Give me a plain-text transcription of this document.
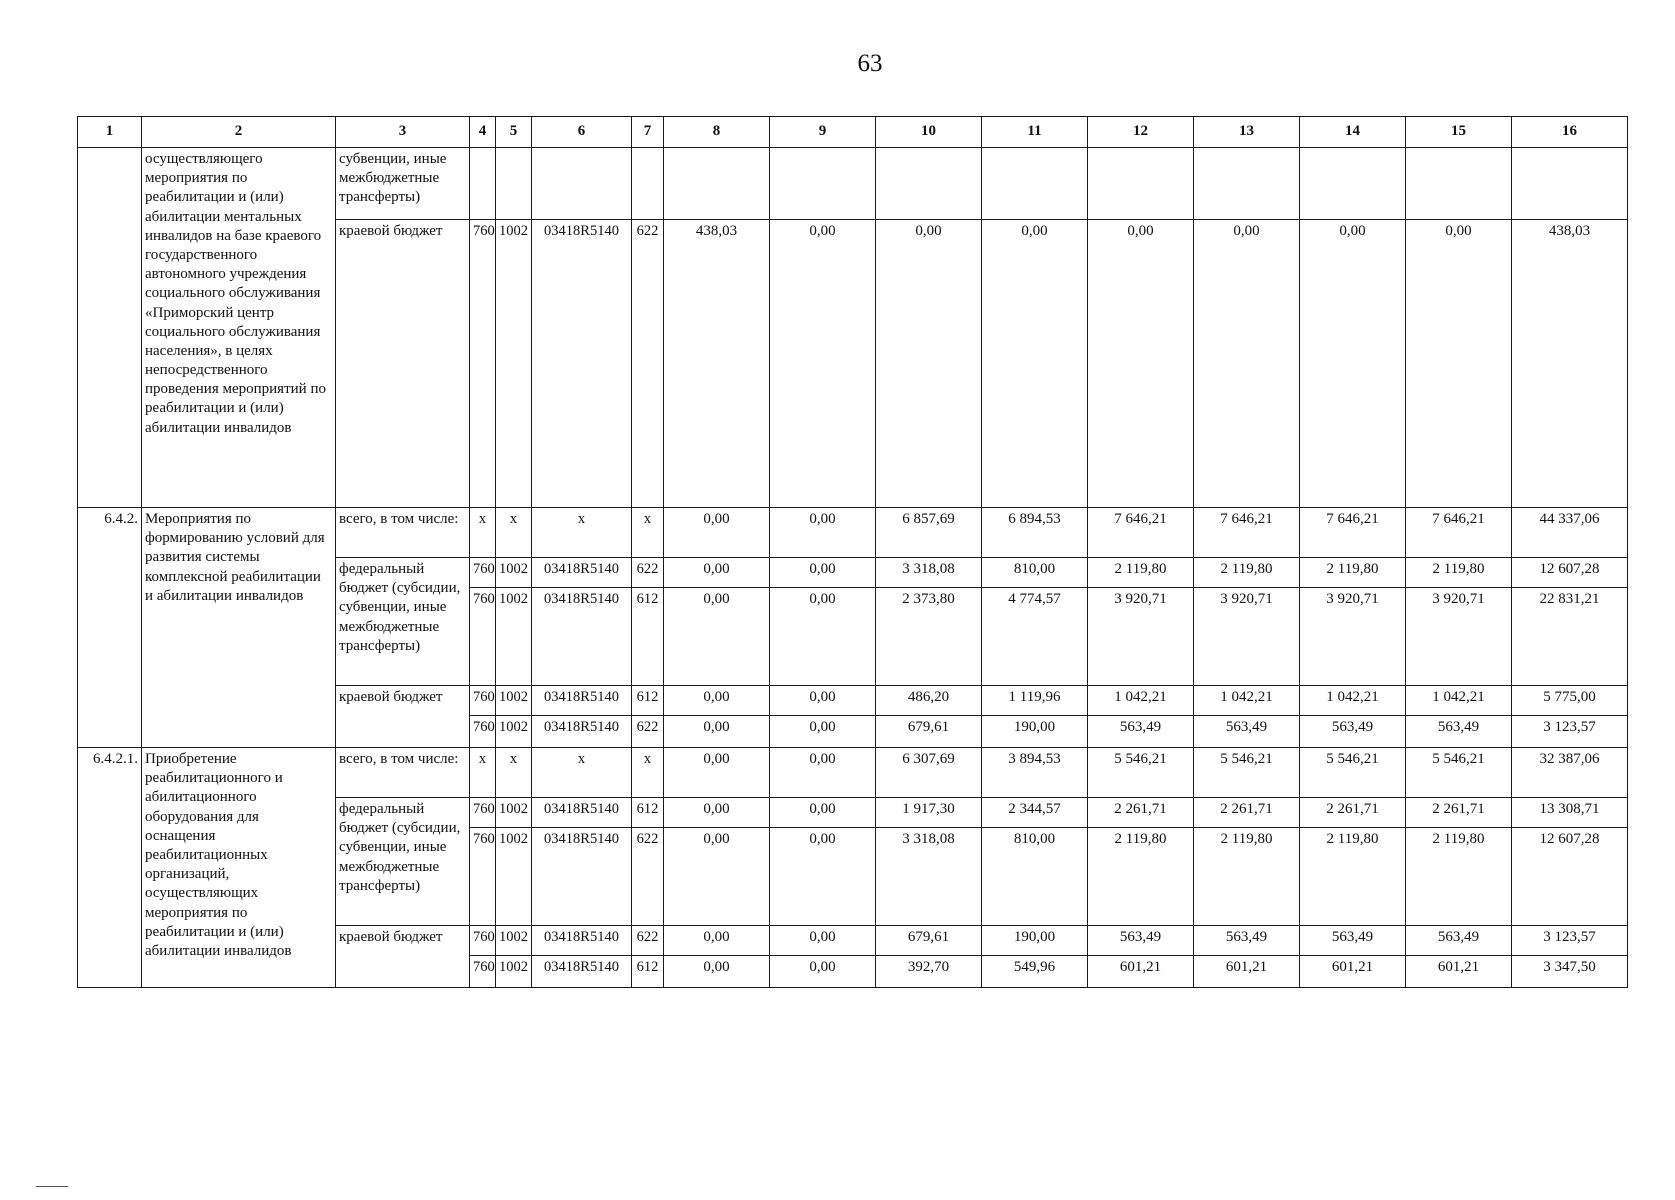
63
1	2	3	4	5	6	7	8	9	10	11	12	13	14	15	16
	осуществляющего мероприятия по реабилитации и (или) абилитации ментальных инвалидов на базе краевого государственного автономного учреждения социального обслуживания «Приморский центр социального обслуживания населения», в целях непосредственного проведения мероприятий по реабилитации и (или) абилитации инвалидов	субвенции, иные межбюджетные трансферты)													
		краевой бюджет	760	1002	03418R5140	622	438,03	0,00	0,00	0,00	0,00	0,00	0,00	0,00	438,03
6.4.2.	Мероприятия по формированию условий для развития системы комплексной реабилитации и абилитации инвалидов	всего, в том числе:	x	x	x	x	0,00	0,00	6 857,69	6 894,53	7 646,21	7 646,21	7 646,21	7 646,21	44 337,06
		федеральный бюджет (субсидии, субвенции, иные межбюджетные трансферты)	760	1002	03418R5140	622	0,00	0,00	3 318,08	810,00	2 119,80	2 119,80	2 119,80	2 119,80	12 607,28
			760	1002	03418R5140	612	0,00	0,00	2 373,80	4 774,57	3 920,71	3 920,71	3 920,71	3 920,71	22 831,21
		краевой бюджет	760	1002	03418R5140	612	0,00	0,00	486,20	1 119,96	1 042,21	1 042,21	1 042,21	1 042,21	5 775,00
			760	1002	03418R5140	622	0,00	0,00	679,61	190,00	563,49	563,49	563,49	563,49	3 123,57
6.4.2.1.	Приобретение реабилитационного и абилитационного оборудования для оснащения реабилитационных организаций, осуществляющих мероприятия по реабилитации и (или) абилитации инвалидов	всего, в том числе:	x	x	x	x	0,00	0,00	6 307,69	3 894,53	5 546,21	5 546,21	5 546,21	5 546,21	32 387,06
		федеральный бюджет (субсидии, субвенции, иные межбюджетные трансферты)	760	1002	03418R5140	612	0,00	0,00	1 917,30	2 344,57	2 261,71	2 261,71	2 261,71	2 261,71	13 308,71
			760	1002	03418R5140	622	0,00	0,00	3 318,08	810,00	2 119,80	2 119,80	2 119,80	2 119,80	12 607,28
		краевой бюджет	760	1002	03418R5140	622	0,00	0,00	679,61	190,00	563,49	563,49	563,49	563,49	3 123,57
			760	1002	03418R5140	612	0,00	0,00	392,70	549,96	601,21	601,21	601,21	601,21	3 347,50
